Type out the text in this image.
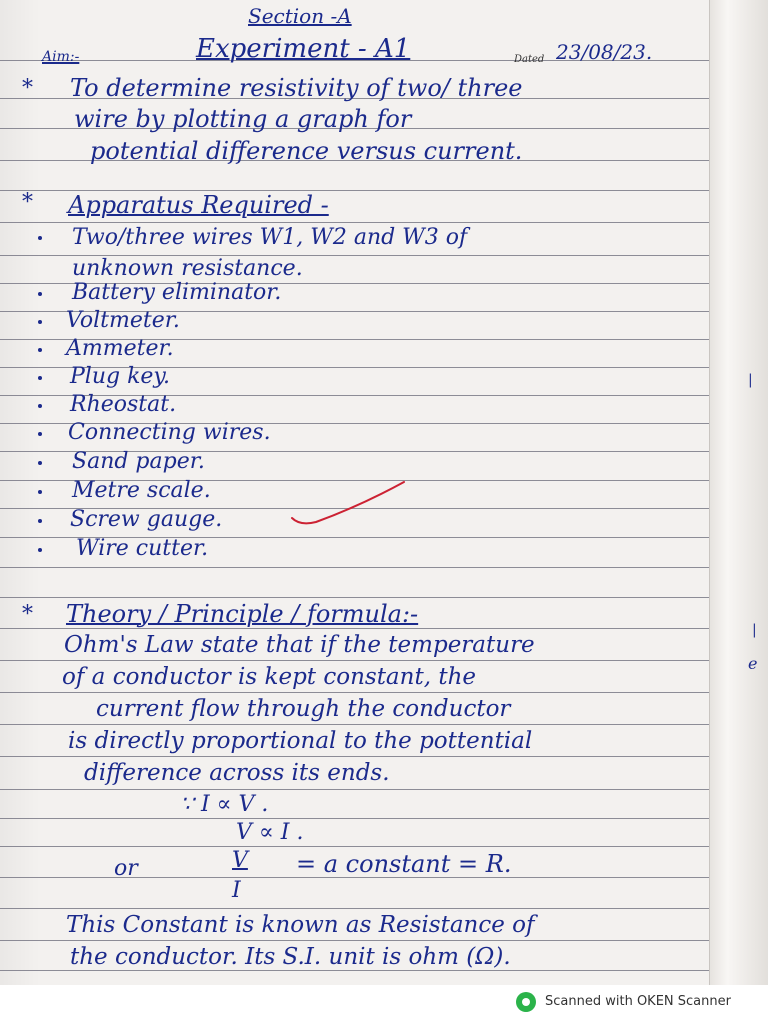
|
|
Section -A
Aim:-	Experiment - A1	Dated 23/08/23.
* To determine resistivity of two/ three
wire by plotting a graph for
potential difference versus current.
* Apparatus Required -
Two/three wires W1, W2 and W3 of
unknown resistance.
Battery eliminator.
Voltmeter.
Ammeter.
Plug key.
Rheostat.
Connecting wires.
Sand paper.
Metre scale.
Screw gauge.
Wire cutter.
* Theory / Principle / formula:-
Ohm's Law state that if the temperature
e
of a conductor is kept constant, the
current flow through the conductor
is directly proportional to the pottential
difference across its ends.
∵ I ∝ V .
V ∝ I .
or	V
I
= a constant = R.
This Constant is known as Resistance of
the conductor. Its S.I. unit is ohm (Ω).
Scanned with OKEN Scanner
